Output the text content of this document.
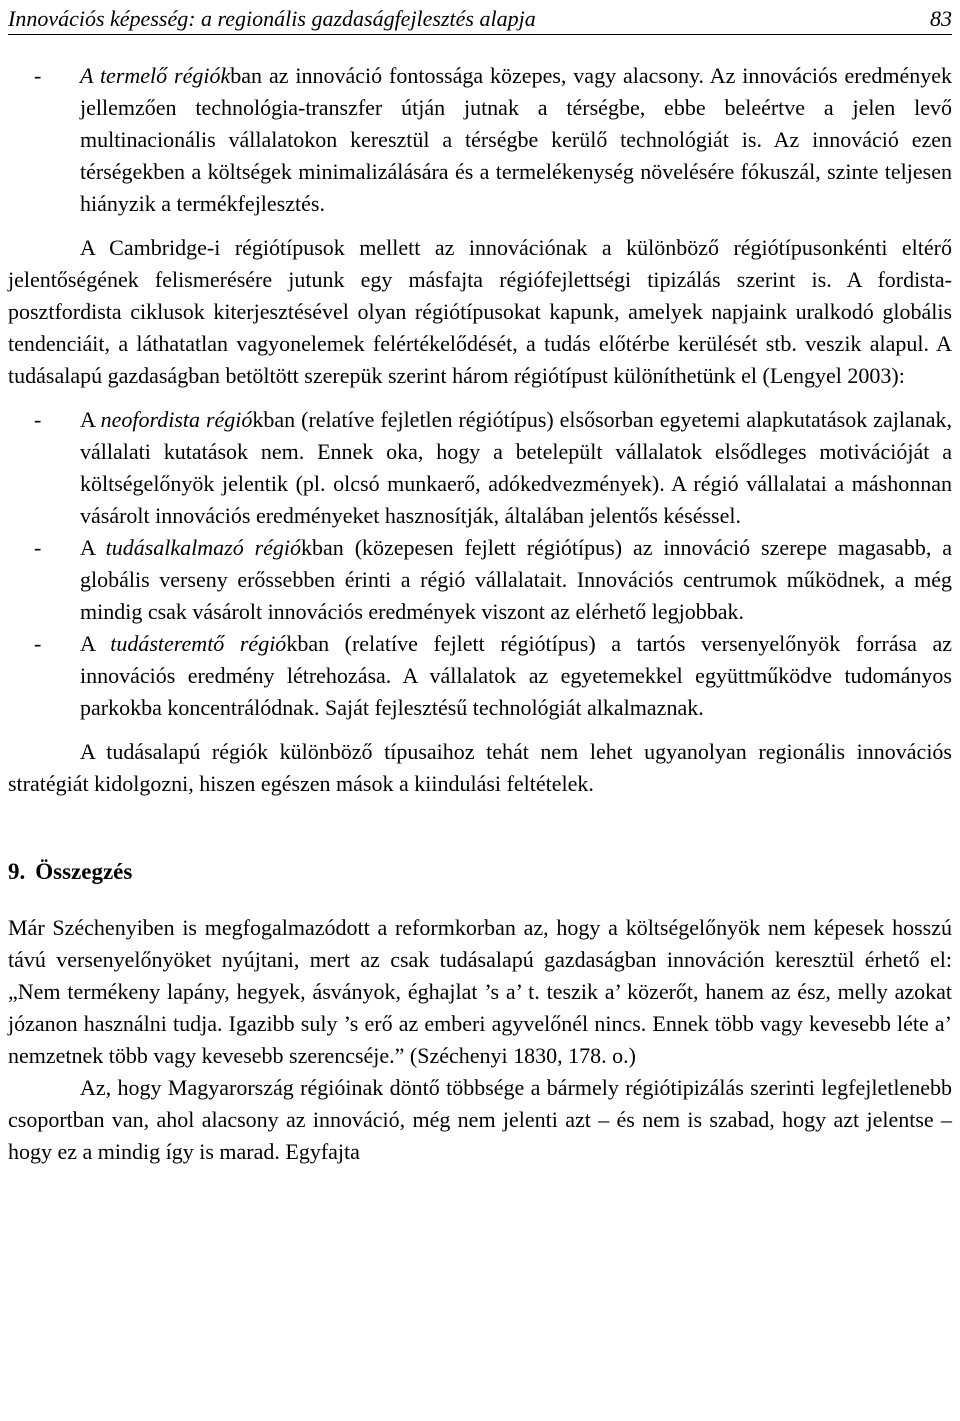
Innovációs képesség: a regionális gazdaságfejlesztés alapja	83
-	A termelő régiókban az innováció fontossága közepes, vagy alacsony. Az innovációs eredmények jellemzően technológia-transzfer útján jutnak a térségbe, ebbe beleértve a jelen levő multinacionális vállalatokon keresztül a térségbe kerülő technológiát is. Az innováció ezen térségekben a költségek minimalizálására és a termelékenység növelésére fókuszál, szinte teljesen hiányzik a termékfejlesztés.

A Cambridge-i régiótípusok mellett az innovációnak a különböző régiótípusonkénti eltérő jelentőségének felismerésére jutunk egy másfajta régiófejlettségi tipizálás szerint is. A fordista-posztfordista ciklusok kiterjesztésével olyan régiótípusokat kapunk, amelyek napjaink uralkodó globális tendenciáit, a láthatatlan vagyonelemek felértékelődését, a tudás előtérbe kerülését stb. veszik alapul. A tudásalapú gazdaságban betöltött szerepük szerint három régiótípust különíthetünk el (Lengyel 2003):

-	A neofordista régiókban (relatíve fejletlen régiótípus) elsősorban egyetemi alapkutatások zajlanak, vállalati kutatások nem. Ennek oka, hogy a betelepült vállalatok elsődleges motivációját a költségelőnyök jelentik (pl. olcsó munkaerő, adókedvezmények). A régió vállalatai a máshonnan vásárolt innovációs eredményeket hasznosítják, általában jelentős késéssel.
-	A tudásalkalmazó régiókban (közepesen fejlett régiótípus) az innováció szerepe magasabb, a globális verseny erőssebben érinti a régió vállalatait. Innovációs centrumok működnek, a még mindig csak vásárolt innovációs eredmények viszont az elérhető legjobbak.
-	A tudásteremtő régiókban (relatíve fejlett régiótípus) a tartós versenyelőnyök forrása az innovációs eredmény létrehozása. A vállalatok az egyetemekkel együttműködve tudományos parkokba koncentrálódnak. Saját fejlesztésű technológiát alkalmaznak.

A tudásalapú régiók különböző típusaihoz tehát nem lehet ugyanolyan regionális innovációs stratégiát kidolgozni, hiszen egészen mások a kiindulási feltételek.

9. Összegzés

Már Széchenyiben is megfogalmazódott a reformkorban az, hogy a költségelőnyök nem képesek hosszú távú versenyelőnyöket nyújtani, mert az csak tudásalapú gazdaságban innováción keresztül érhető el: „Nem termékeny lapány, hegyek, ásványok, éghajlat ’s a’ t. teszik a’ közerőt, hanem az ész, melly azokat józanon használni tudja. Igazibb suly ’s erő az emberi agyvelőnél nincs. Ennek több vagy kevesebb léte a’ nemzetnek több vagy kevesebb szerencséje.” (Széchenyi 1830, 178. o.)

Az, hogy Magyarország régióinak döntő többsége a bármely régiótipizálás szerinti legfejletlenebb csoportban van, ahol alacsony az innováció, még nem jelenti azt – és nem is szabad, hogy azt jelentse – hogy ez a mindig így is marad. Egyfajta
